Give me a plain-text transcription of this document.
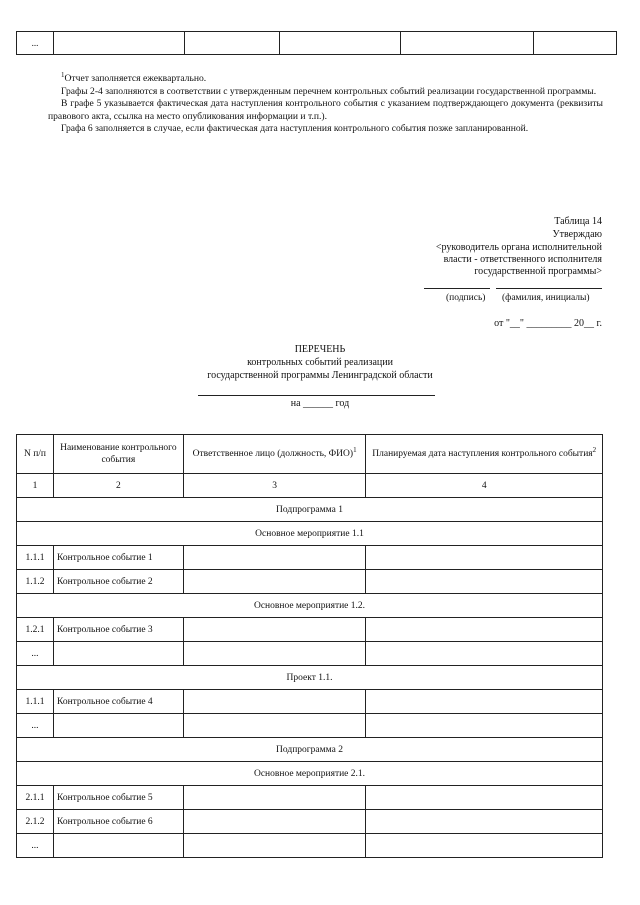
...					
$^1$Отчет заполняется ежеквартально.

Графы 2-4 заполняются в соответствии с утвержденным перечнем контрольных событий реализации государственной программы.

В графе 5 указывается фактическая дата наступления контрольного события с указанием подтверждающего документа (реквизиты правового акта, ссылка на место опубликования информации и т.п.).

Графа 6 заполняется в случае, если фактическая дата наступления контрольного события позже запланированной.

Таблица 14
Утверждаю
<руководитель органа исполнительной
власти - ответственного исполнителя
государственной программы>
(подпись) (фамилия, инициалы)
от "__" _________ 20__ г.
ПЕРЕЧЕНЬ
контрольных событий реализации
государственной программы Ленинградской области
на ______ год
N п/п	Наименование контрольного события	Ответственное лицо (должность, ФИО)$^1$	Планируемая дата наступления контрольного события$^2$
1	2	3	4
Подпрограмма 1			
Основное мероприятие 1.1			
1.1.1	Контрольное событие 1		
1.1.2	Контрольное событие 2		
Основное мероприятие 1.2.			
1.2.1	Контрольное событие 3		
...			
Проект 1.1.			
1.1.1	Контрольное событие 4		
...			
Подпрограмма 2			
Основное мероприятие 2.1.			
2.1.1	Контрольное событие 5		
2.1.2	Контрольное событие 6		
...			
